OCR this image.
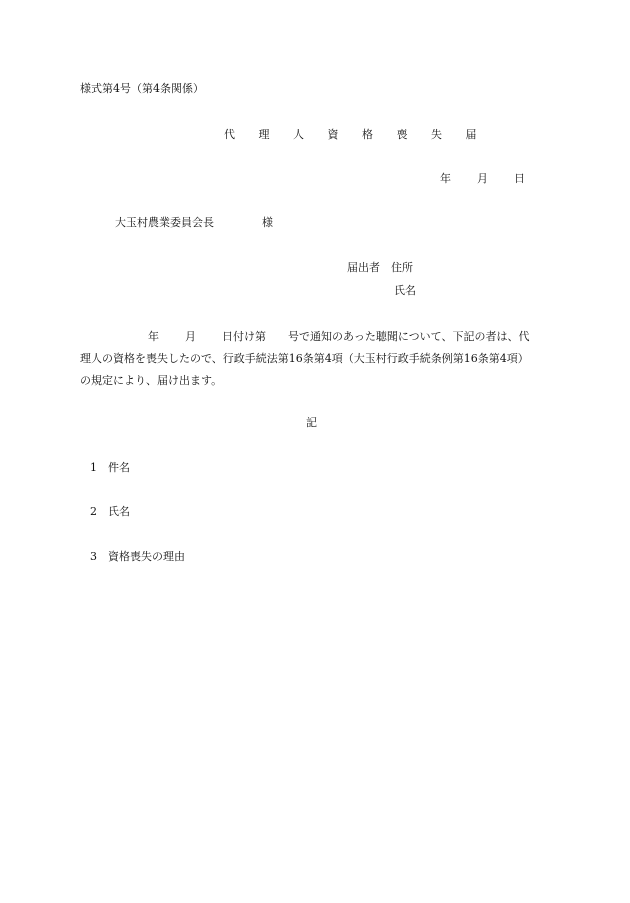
様式第4号（第4条関係）
代 理 人 資 格 喪 失 届
年 月 日
大玉村農業委員会長	様
届出者　住所
氏名
年 月 日付け第 号で通知のあった聴聞について、下記の者は、代
理人の資格を喪失したので、行政手続法第16条第4項（大玉村行政手続条例第16条第4項）
の規定により、届け出ます。
記
1 件名
2 氏名
3 資格喪失の理由
